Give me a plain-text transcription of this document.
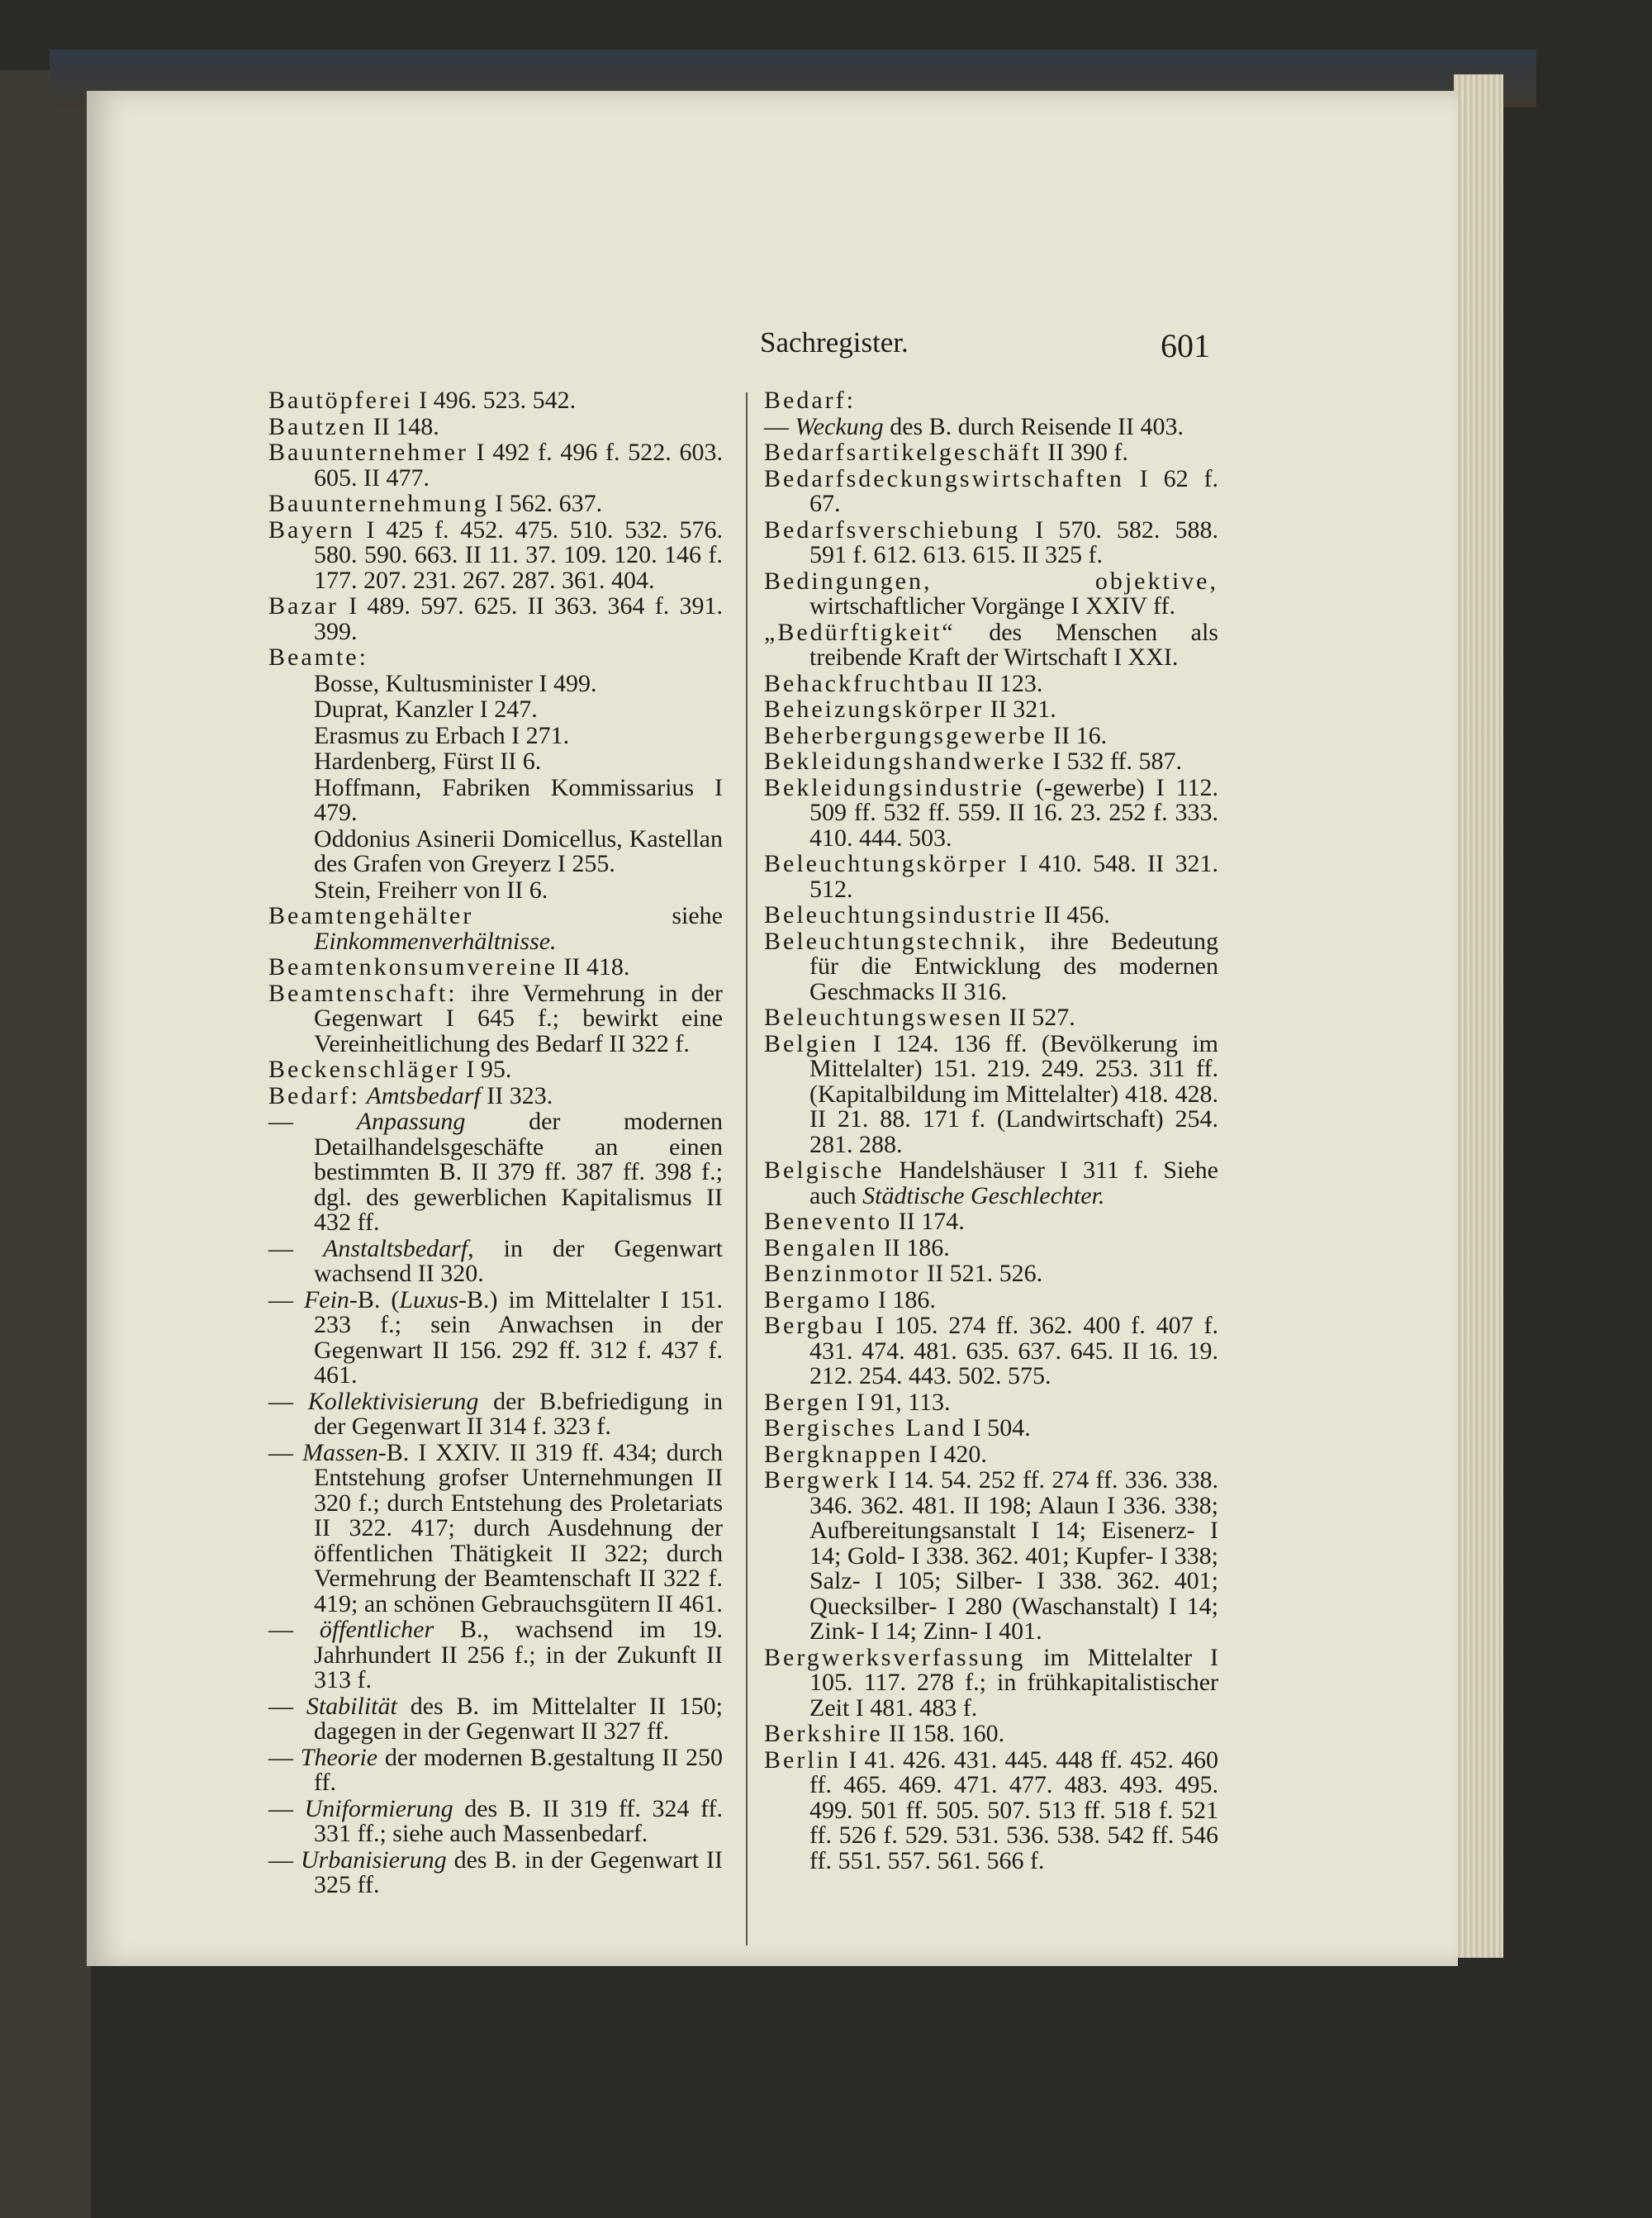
Sachregister.	601
Bautöpferei I 496. 523. 542.
Bautzen II 148.
Bauunternehmer I 492 f. 496 f. 522. 603. 605. II 477.
Bauunternehmung I 562. 637.
Bayern I 425 f. 452. 475. 510. 532. 576. 580. 590. 663. II 11. 37. 109. 120. 146 f. 177. 207. 231. 267. 287. 361. 404.
Bazar I 489. 597. 625. II 363. 364 f. 391. 399.
Beamte:
Bosse, Kultusminister I 499.
Duprat, Kanzler I 247.
Erasmus zu Erbach I 271.
Hardenberg, Fürst II 6.
Hoffmann, Fabriken Kommissarius I 479.
Oddonius Asinerii Domicellus, Kastellan des Grafen von Greyerz I 255.
Stein, Freiherr von II 6.
Beamtengehälter	siehe Einkommenverhältnisse.
Beamtenkonsumvereine II 418.
Beamtenschaft: ihre Vermehrung in der Gegenwart I 645 f.; bewirkt eine Vereinheitlichung des Bedarf II 322 f.
Beckenschläger I 95.
Bedarf: Amtsbedarf II 323.
—	Anpassung	der modernen Detailhandelsgeschäfte an einen bestimmten B. II 379 ff. 387 ff. 398 f.; dgl. des gewerblichen Kapitalismus II 432 ff.
— Anstaltsbedarf, in der Gegenwart wachsend II 320.
— Fein-B. (Luxus-B.) im Mittelalter I 151. 233 f.; sein Anwachsen in der Gegenwart II 156. 292 ff. 312 f. 437 f. 461.
— Kollektivisierung der B.befriedigung in der Gegenwart II 314 f. 323 f.
— Massen-B. I XXIV. II 319 ff. 434; durch Entstehung grofser Unternehmungen II 320 f.; durch Entstehung des Proletariats II 322. 417; durch Ausdehnung der öffentlichen Thätigkeit II 322; durch Vermehrung der Beamtenschaft II 322 f. 419; an schönen Gebrauchsgütern II 461.
— öffentlicher B., wachsend im 19. Jahrhundert II 256 f.; in der Zukunft II 313 f.
— Stabilität des B. im Mittelalter II 150; dagegen in der Gegenwart II 327 ff.
— Theorie der modernen B.gestaltung II 250 ff.
— Uniformierung des B. II 319 ff. 324 ff. 331 ff.; siehe auch Massenbedarf.
— Urbanisierung des B. in der Gegenwart II 325 ff.
Bedarf:
— Weckung des B. durch Reisende II 403.
Bedarfsartikelgeschäft II 390 f.
Bedarfsdeckungswirtschaften I 62 f. 67.
Bedarfsverschiebung I 570. 582. 588. 591 f. 612. 613. 615. II 325 f.
Bedingungen, objektive, wirtschaftlicher Vorgänge I XXIV ff.
„Bedürftigkeit“ des Menschen als treibende Kraft der Wirtschaft I XXI.
Behackfruchtbau II 123.
Beheizungskörper II 321.
Beherbergungsgewerbe II 16.
Bekleidungshandwerke I 532 ff. 587.
Bekleidungsindustrie (-gewerbe) I 112. 509 ff. 532 ff. 559. II 16. 23. 252 f. 333. 410. 444. 503.
Beleuchtungskörper I 410. 548. II 321. 512.
Beleuchtungsindustrie II 456.
Beleuchtungstechnik, ihre Bedeutung für die Entwicklung des modernen Geschmacks II 316.
Beleuchtungswesen II 527.
Belgien I 124. 136 ff. (Bevölkerung im Mittelalter) 151. 219. 249. 253. 311 ff. (Kapitalbildung im Mittelalter) 418. 428. II 21. 88. 171 f. (Landwirtschaft) 254. 281. 288.
Belgische Handelshäuser I 311 f. Siehe auch Städtische Geschlechter.
Benevento II 174.
Bengalen II 186.
Benzinmotor II 521. 526.
Bergamo I 186.
Bergbau I 105. 274 ff. 362. 400 f. 407 f. 431. 474. 481. 635. 637. 645. II 16. 19. 212. 254. 443. 502. 575.
Bergen I 91, 113.
Bergisches Land I 504.
Bergknappen I 420.
Bergwerk I 14. 54. 252 ff. 274 ff. 336. 338. 346. 362. 481. II 198; Alaun I 336. 338; Aufbereitungsanstalt I 14; Eisenerz- I 14; Gold- I 338. 362. 401; Kupfer- I 338; Salz- I 105; Silber- I 338. 362. 401; Quecksilber- I 280 (Waschanstalt) I 14; Zink- I 14; Zinn- I 401.
Bergwerksverfassung im Mittelalter I 105. 117. 278 f.; in frühkapitalistischer Zeit I 481. 483 f.
Berkshire II 158. 160.
Berlin I 41. 426. 431. 445. 448 ff. 452. 460 ff. 465. 469. 471. 477. 483. 493. 495. 499. 501 ff. 505. 507. 513 ff. 518 f. 521 ff. 526 f. 529. 531. 536. 538. 542 ff. 546 ff. 551. 557. 561. 566 f.
